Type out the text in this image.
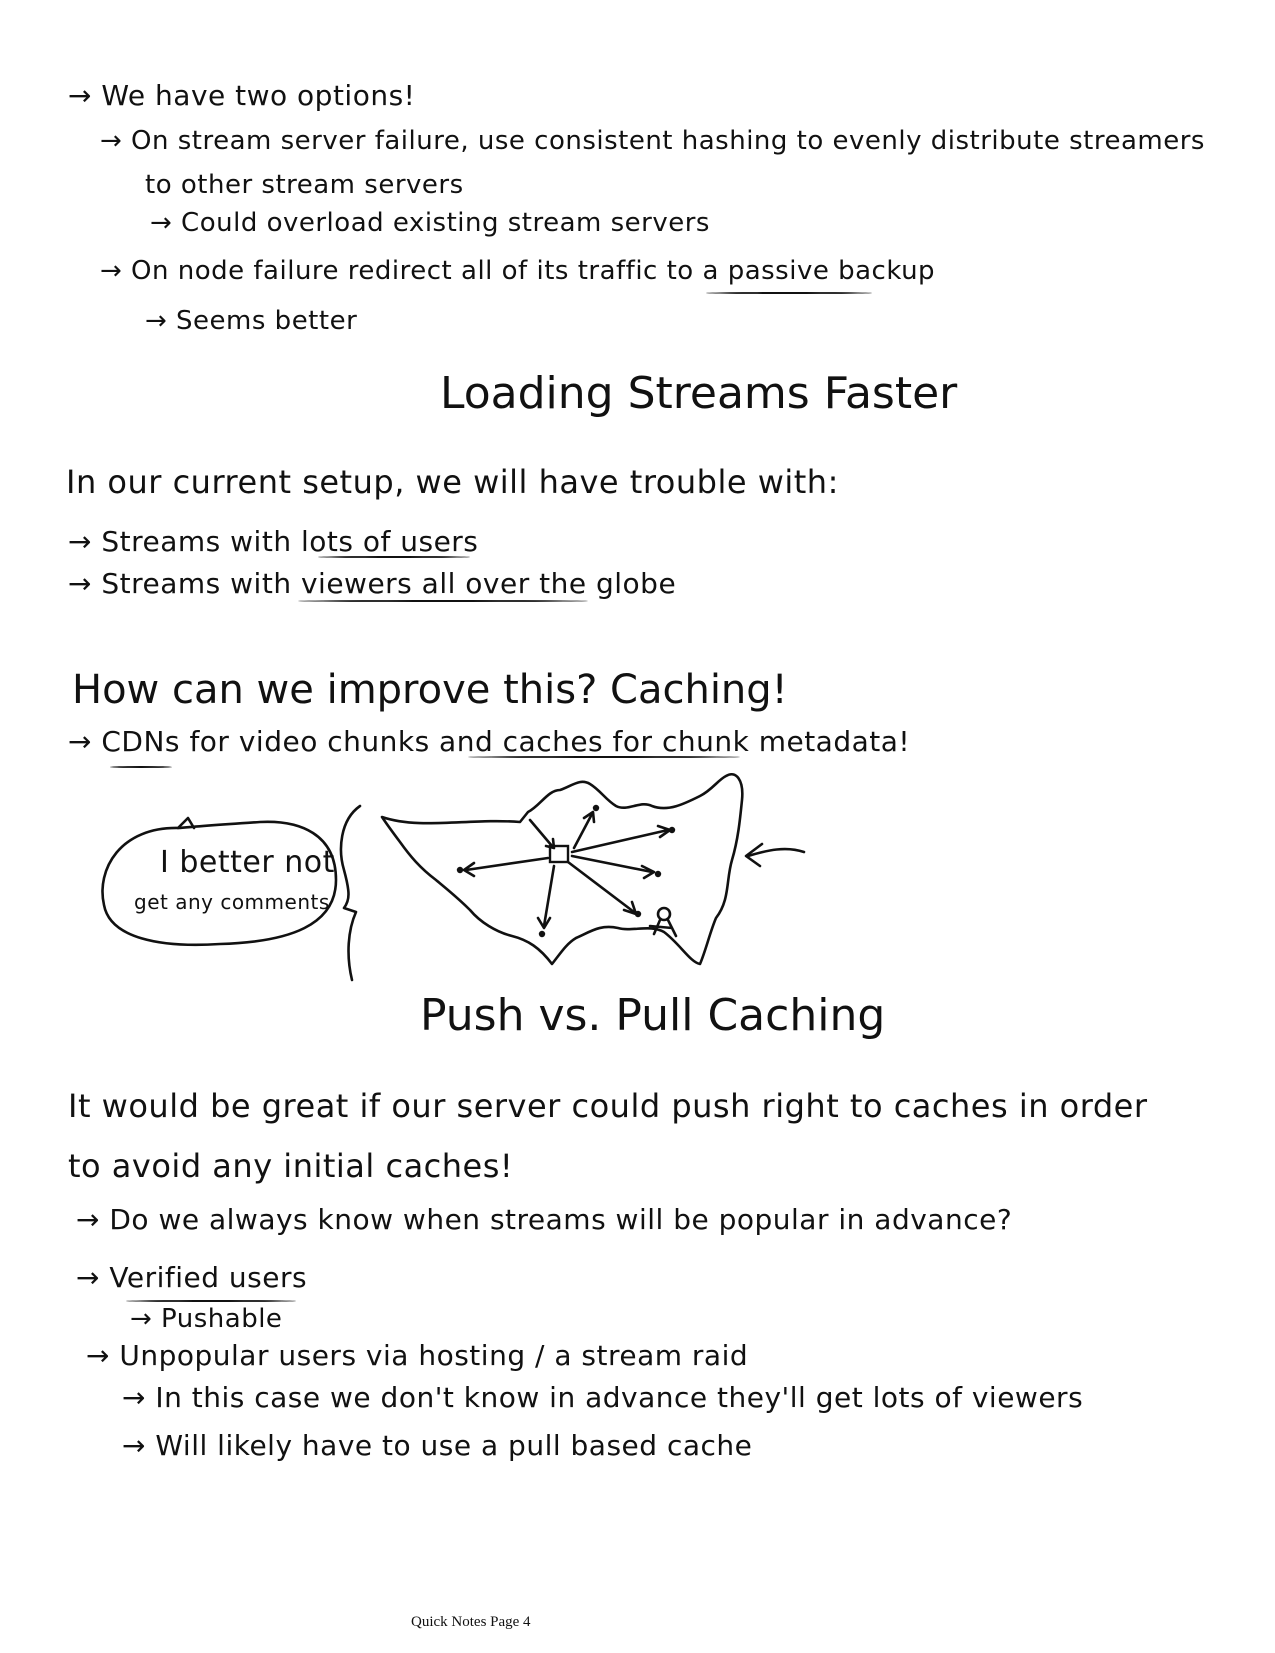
→ We have two options!
→ On stream server failure, use consistent hashing to evenly distribute streamers
to other stream servers
→ Could overload existing stream servers
→ On node failure redirect all of its traffic to a passive backup
→ Seems better
Loading Streams Faster
In our current setup, we will have trouble with:
→ Streams with lots of users
→ Streams with viewers all over the globe
How can we improve this? Caching!
→ CDNs for video chunks and caches for chunk metadata!
I better not
get any comments
Push vs. Pull Caching
It would be great if our server could push right to caches in order
to avoid any initial caches!
→ Do we always know when streams will be popular in advance?
→ Verified users
→ Pushable
→ Unpopular users via hosting / a stream raid
→ In this case we don't know in advance they'll get lots of viewers
→ Will likely have to use a pull based cache
Quick Notes Page 4
